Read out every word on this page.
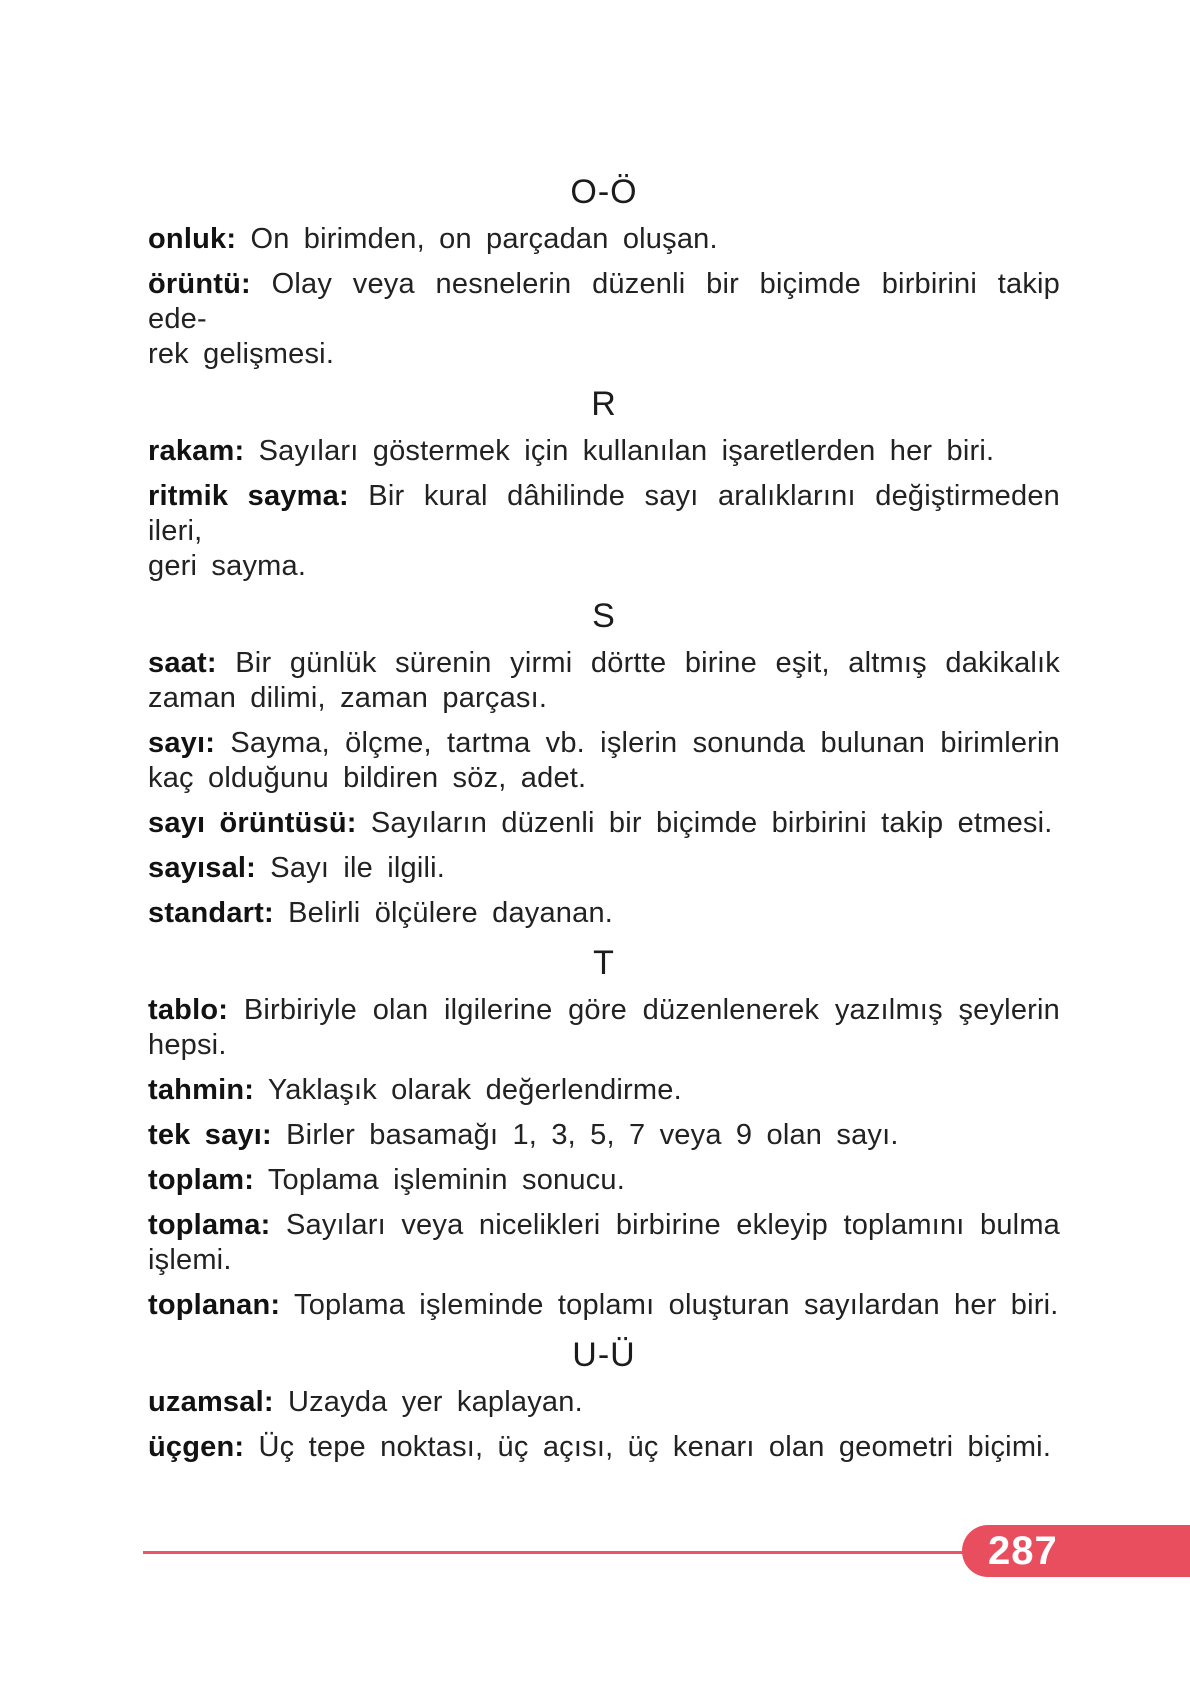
O-Ö

onluk: On birimden, on parçadan oluşan.

örüntü: Olay veya nesnelerin düzenli bir biçimde birbirini takip ede-
rek gelişmesi.

R

rakam: Sayıları göstermek için kullanılan işaretlerden her biri.

ritmik sayma: Bir kural dâhilinde sayı aralıklarını değiştirmeden ileri,
geri sayma.

S

saat: Bir günlük sürenin yirmi dörtte birine eşit, altmış dakikalık
zaman dilimi, zaman parçası.

sayı: Sayma, ölçme, tartma vb. işlerin sonunda bulunan birimlerin
kaç olduğunu bildiren söz, adet.

sayı örüntüsü: Sayıların düzenli bir biçimde birbirini takip etmesi.

sayısal: Sayı ile ilgili.

standart: Belirli ölçülere dayanan.

T

tablo: Birbiriyle olan ilgilerine göre düzenlenerek yazılmış şeylerin
hepsi.

tahmin: Yaklaşık olarak değerlendirme.

tek sayı: Birler basamağı 1, 3, 5, 7 veya 9 olan sayı.

toplam: Toplama işleminin sonucu.

toplama: Sayıları veya nicelikleri birbirine ekleyip toplamını bulma
işlemi.

toplanan: Toplama işleminde toplamı oluşturan sayılardan her biri.

U-Ü

uzamsal: Uzayda yer kaplayan.

üçgen: Üç tepe noktası, üç açısı, üç kenarı olan geometri biçimi.

287
